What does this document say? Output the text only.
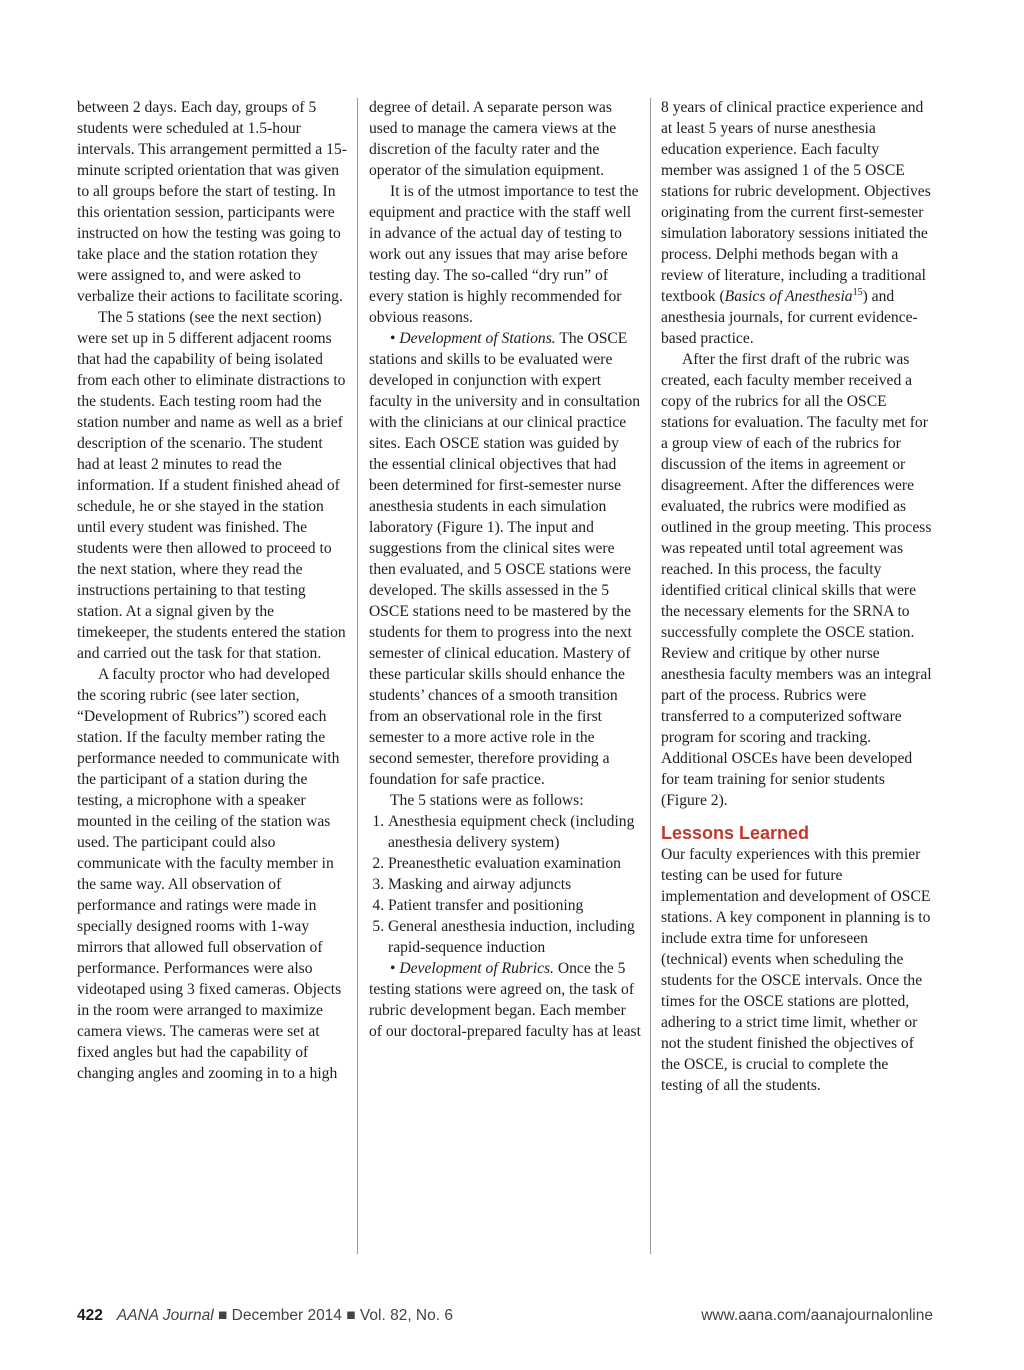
between 2 days. Each day, groups of 5 students were scheduled at 1.5-hour intervals. This arrangement permitted a 15-minute scripted orientation that was given to all groups before the start of testing. In this orientation session, participants were instructed on how the testing was going to take place and the station rotation they were assigned to, and were asked to verbalize their actions to facilitate scoring.

The 5 stations (see the next section) were set up in 5 different adjacent rooms that had the capability of being isolated from each other to eliminate distractions to the students. Each testing room had the station number and name as well as a brief description of the scenario. The student had at least 2 minutes to read the information. If a student finished ahead of schedule, he or she stayed in the station until every student was finished. The students were then allowed to proceed to the next station, where they read the instructions pertaining to that testing station. At a signal given by the timekeeper, the students entered the station and carried out the task for that station.

A faculty proctor who had developed the scoring rubric (see later section, “Development of Rubrics”) scored each station. If the faculty member rating the performance needed to communicate with the participant of a station during the testing, a microphone with a speaker mounted in the ceiling of the station was used. The participant could also communicate with the faculty member in the same way. All observation of performance and ratings were made in specially designed rooms with 1-way mirrors that allowed full observation of performance. Performances were also videotaped using 3 fixed cameras. Objects in the room were arranged to maximize camera views. The cameras were set at fixed angles but had the capability of changing angles and zooming in to a high

degree of detail. A separate person was used to manage the camera views at the discretion of the faculty rater and the operator of the simulation equipment.

It is of the utmost importance to test the equipment and practice with the staff well in advance of the actual day of testing to work out any issues that may arise before testing day. The so-called “dry run” of every station is highly recommended for obvious reasons.

• Development of Stations. The OSCE stations and skills to be evaluated were developed in conjunction with expert faculty in the university and in consultation with the clinicians at our clinical practice sites. Each OSCE station was guided by the essential clinical objectives that had been determined for first-semester nurse anesthesia students in each simulation laboratory (Figure 1). The input and suggestions from the clinical sites were then evaluated, and 5 OSCE stations were developed. The skills assessed in the 5 OSCE stations need to be mastered by the students for them to progress into the next semester of clinical education. Mastery of these particular skills should enhance the students’ chances of a smooth transition from an observational role in the first semester to a more active role in the second semester, therefore providing a foundation for safe practice.

The 5 stations were as follows:

1. Anesthesia equipment check (including anesthesia delivery system)
2. Preanesthetic evaluation examination
3. Masking and airway adjuncts
4. Patient transfer and positioning
5. General anesthesia induction, including rapid-sequence induction

• Development of Rubrics. Once the 5 testing stations were agreed on, the task of rubric development began. Each member of our doctoral-prepared faculty has at least

8 years of clinical practice experience and at least 5 years of nurse anesthesia education experience. Each faculty member was assigned 1 of the 5 OSCE stations for rubric development. Objectives originating from the current first-semester simulation laboratory sessions initiated the process. Delphi methods began with a review of literature, including a traditional textbook (Basics of Anesthesia$^{15}$) and anesthesia journals, for current evidence-based practice.

After the first draft of the rubric was created, each faculty member received a copy of the rubrics for all the OSCE stations for evaluation. The faculty met for a group view of each of the rubrics for discussion of the items in agreement or disagreement. After the differences were evaluated, the rubrics were modified as outlined in the group meeting. This process was repeated until total agreement was reached. In this process, the faculty identified critical clinical skills that were the necessary elements for the SRNA to successfully complete the OSCE station. Review and critique by other nurse anesthesia faculty members was an integral part of the process. Rubrics were transferred to a computerized software program for scoring and tracking. Additional OSCEs have been developed for team training for senior students (Figure 2).

Lessons Learned

Our faculty experiences with this premier testing can be used for future implementation and development of OSCE stations. A key component in planning is to include extra time for unforeseen (technical) events when scheduling the students for the OSCE intervals. Once the times for the OSCE stations are plotted, adhering to a strict time limit, whether or not the student finished the objectives of the OSCE, is crucial to complete the testing of all the students.

422 AANA Journal ■ December 2014 ■ Vol. 82, No. 6	www.aana.com/aanajournalonline
